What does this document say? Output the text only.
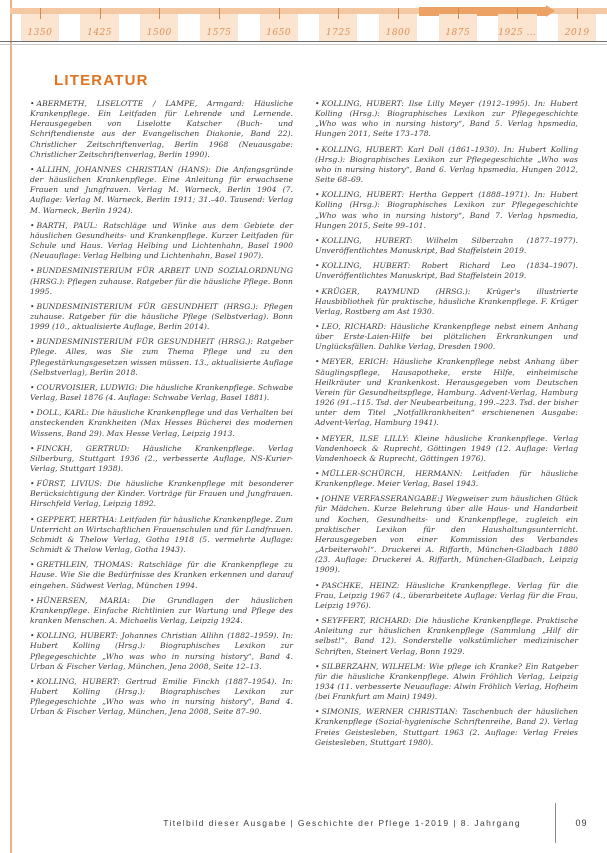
1350	1425	1500	1575	1650	1725	1800	1875	1925 ...	2019
LITERATUR

• ABERMETH, LISELOTTE / LAMPE, Armgard: Häusliche Krankenpflege. Ein Leitfaden für Lehrende und Lernende. Herausgegeben von Liselotte Katscher (Buch- und Schriftendienste aus der Evangelischen Diakonie, Band 22). Christlicher Zeitschriftenverlag, Berlin 1968 (Neuausgabe: Christlicher Zeitschriftenverlag, Berlin 1990).

• ALLIHN, JOHANNES CHRISTIAN (HANS): Die Anfangsgründe der häuslichen Krankenpflege. Eine Anleitung für erwachsene Frauen und Jungfrauen. Verlag M. Warneck, Berlin 1904 (7. Auflage: Verlag M. Warneck, Berlin 1911; 31.–40. Tausend: Verlag M. Warneck, Berlin 1924).

• BARTH, PAUL: Ratschläge und Winke aus dem Gebiete der häuslichen Gesundheits- und Krankenpflege. Kurzer Leitfaden für Schule und Haus. Verlag Helbing und Lichtenhahn, Basel 1900 (Neuauflage: Verlag Helbing und Lichtenhahn, Basel 1907).

• BUNDESMINISTERIUM FÜR ARBEIT UND SOZIALORDNUNG (HRSG.): Pflegen zuhause. Ratgeber für die häusliche Pflege. Bonn 1995.

• BUNDESMINISTERIUM FÜR GESUNDHEIT (HRSG.): Pflegen zuhause. Ratgeber für die häusliche Pflege (Selbstverlag). Bonn 1999 (10., aktualisierte Auflage, Berlin 2014).

• BUNDESMINISTERIUM FÜR GESUNDHEIT (HRSG.): Ratgeber Pflege. Alles, was Sie zum Thema Pflege und zu den Pflegestärkungsgesetzen wissen müssen. 13., aktualisierte Auflage (Selbstverlag), Berlin 2018.

• COURVOISIER, LUDWIG: Die häusliche Krankenpflege. Schwabe Verlag, Basel 1876 (4. Auflage: Schwabe Verlag, Basel 1881).

• DOLL, KARL: Die häusliche Krankenpflege und das Verhalten bei ansteckenden Krankheiten (Max Hesses Bücherei des modernen Wissens, Band 29). Max Hesse Verlag, Leipzig 1913.

• FINCKH, GERTRUD: Häusliche Krankenpflege. Verlag Silberburg, Stuttgart 1936 (2., verbesserte Auflage, NS-Kurier-Verlag, Stuttgart 1938).

• FÜRST, LIVIUS: Die häusliche Krankenpflege mit besonderer Berücksichtigung der Kinder. Vorträge für Frauen und Jungfrauen. Hirschfeld Verlag, Leipzig 1892.

• GEPPERT, HERTHA: Leitfaden für häusliche Krankenpflege. Zum Unterricht an Wirtschaftlichen Frauenschulen und für Landfrauen. Schmidt & Thelow Verlag, Gotha 1918 (5. vermehrte Auflage: Schmidt & Thelow Verlag, Gotha 1943).

• GRETHLEIN, THOMAS: Ratschläge für die Krankenpflege zu Hause. Wie Sie die Bedürfnisse des Kranken erkennen und darauf eingehen. Südwest Verlag, München 1994.

• HÜNERSEN, MARIA: Die Grundlagen der häuslichen Krankenpflege. Einfache Richtlinien zur Wartung und Pflege des kranken Menschen. A. Michaelis Verlag, Leipzig 1924.

• KOLLING, HUBERT: Johannes Christian Allihn (1882–1959). In: Hubert Kolling (Hrsg.): Biographisches Lexikon zur Pflegegeschichte „Who was who in nursing history“, Band 4. Urban & Fischer Verlag, München, Jena 2008, Seite 12–13.

• KOLLING, HUBERT: Gertrud Emilie Finckh (1887–1954). In: Hubert Kolling (Hrsg.): Biographisches Lexikon zur Pflegegeschichte „Who was who in nursing history“, Band 4. Urban & Fischer Verlag, München, Jena 2008, Seite 87–90.

• KOLLING, HUBERT: Ilse Lilly Meyer (1912–1995). In: Hubert Kolling (Hrsg.): Biographisches Lexikon zur Pflegegeschichte „Who was who in nursing history“, Band 5. Verlag hpsmedia, Hungen 2011, Seite 173–178.

• KOLLING, HUBERT: Karl Doll (1861–1930). In: Hubert Kolling (Hrsg.): Biographisches Lexikon zur Pflegegeschichte „Who was who in nursing history“, Band 6. Verlag hpsmedia, Hungen 2012, Seite 68–69.

• KOLLING, HUBERT: Hertha Geppert (1888–1971). In: Hubert Kolling (Hrsg.): Biographisches Lexikon zur Pflegegeschichte „Who was who in nursing history“, Band 7. Verlag hpsmedia, Hungen 2015, Seite 99–101.

• KOLLING, HUBERT: Wilhelm Silberzahn (1877–1977). Unveröffentlichtes Manuskript, Bad Staffelstein 2019.

• KOLLING, HUBERT: Robert Richard Leo (1834–1907). Unveröffentlichtes Manuskript, Bad Staffelstein 2019.

• KRÜGER, RAYMUND (HRSG.): Krüger's illustrierte Hausbibliothek für praktische, häusliche Krankenpflege. F. Krüger Verlag, Rostberg am Ast 1930.

• LEO, RICHARD: Häusliche Krankenpflege nebst einem Anhang über Erste-Laien-Hilfe bei plötzlichen Erkrankungen und Unglücksfällen. Dahlke Verlag, Dresden 1900.

• MEYER, ERICH: Häusliche Krankenpflege nebst Anhang über Säuglingspflege, Hausapotheke, erste Hilfe, einheimische Heilkräuter und Krankenkost. Herausgegeben vom Deutschen Verein für Gesundheitspflege, Hamburg. Advent-Verlag, Hamburg 1926 (91.–115. Tsd. der Neubearbeitung, 199.–223. Tsd. der bisher unter dem Titel „Notfallkrankheiten“ erschienenen Ausgabe: Advent-Verlag, Hamburg 1941).

• MEYER, ILSE LILLY: Kleine häusliche Krankenpflege. Verlag Vandenhoeck & Ruprecht, Göttingen 1949 (12. Auflage: Verlag Vandenhoeck & Ruprecht, Göttingen 1976).

• MÜLLER-SCHÜRCH, HERMANN: Leitfaden für häusliche Krankenpflege. Meier Verlag, Basel 1943.

• [OHNE VERFASSERANGABE:] Wegweiser zum häuslichen Glück für Mädchen. Kurze Belehrung über alle Haus- und Handarbeit und Kochen, Gesundheits- und Krankenpflege, zugleich ein praktischer Lexikon für den Haushaltungsunterricht. Herausgegeben von einer Kommission des Verbandes „Arbeiterwohl“. Druckerei A. Riffarth, München-Gladbach 1880 (23. Auflage: Druckerei A. Riffarth, München-Gladbach, Leipzig 1909).

• PASCHKE, HEINZ: Häusliche Krankenpflege. Verlag für die Frau, Leipzig 1967 (4., überarbeitete Auflage: Verlag für die Frau, Leipzig 1976).

• SEYFFERT, RICHARD: Die häusliche Krankenpflege. Praktische Anleitung zur häuslichen Krankenpflege (Sammlung „Hilf dir selbst!“, Band 12). Sonderstelle volkstümlicher medizinischer Schriften, Steinert Verlag, Bonn 1929.

• SILBERZAHN, WILHELM: Wie pflege ich Kranke? Ein Ratgeber für die häusliche Krankenpflege. Alwin Fröhlich Verlag, Leipzig 1934 (11. verbesserte Neuauflage: Alwin Fröhlich Verlag, Hofheim (bei Frankfurt am Main) 1949).

• SIMONIS, WERNER CHRISTIAN: Taschenbuch der häuslichen Krankenpflege (Sozial-hygienische Schriftenreihe, Band 2). Verlag Freies Geistesleben, Stuttgart 1963 (2. Auflage: Verlag Freies Geistesleben, Stuttgart 1980).

Titelbild dieser Ausgabe | Geschichte der Pflege 1-2019 | 8. Jahrgang	09
